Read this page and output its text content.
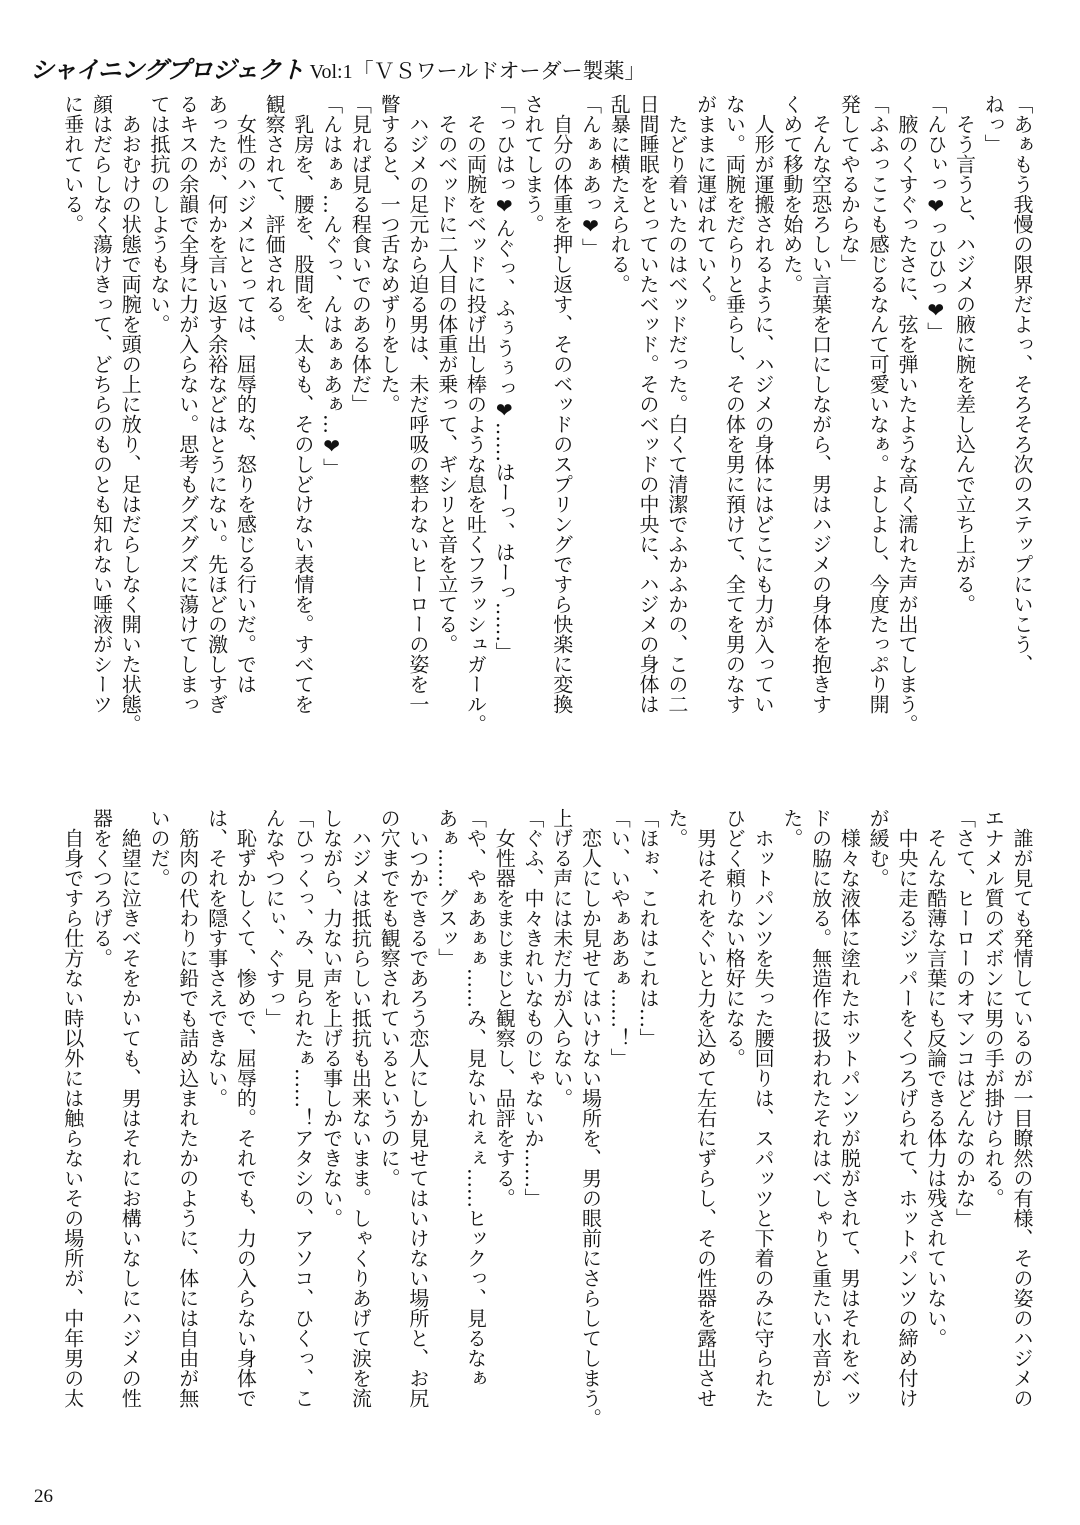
シャイニングプロジェクト Vol:1「ＶＳワールドオーダー製薬」
「あぁもう我慢の限界だよっ、そろそろ次のステップにいこう、
ねっ」
　そう言うと、ハジメの腋に腕を差し込んで立ち上がる。
「んひぃっ❤っひひっ❤」
　腋のくすぐったさに、弦を弾いたような高く濡れた声が出てしまう。
「ふふっここも感じるなんて可愛いなぁ。よしよし、今度たっぷり開
発してやるからな」
　そんな空恐ろしい言葉を口にしながら、男はハジメの身体を抱きす
くめて移動を始めた。
　人形が運搬されるように、ハジメの身体にはどこにも力が入ってい
ない。両腕をだらりと垂らし、その体を男に預けて、全てを男のなす
がままに運ばれていく。
　たどり着いたのはベッドだった。白くて清潔でふかふかの、この二
日間睡眠をとっていたベッド。そのベッドの中央に、ハジメの身体は
乱暴に横たえられる。
「んぁぁあっ❤」
　自分の体重を押し返す、そのベッドのスプリングですら快楽に変換
されてしまう。
「っひはっ❤んぐっ、ふぅうぅっ❤……はーっ、はーっ……」
　その両腕をベッドに投げ出し棒のような息を吐くフラッシュガール。
　そのベッドに二人目の体重が乗って、ギシリと音を立てる。
　ハジメの足元から迫る男は、未だ呼吸の整わないヒーローの姿を一
瞥すると、一つ舌なめずりをした。
「見れば見る程食いでのある体だ」
「んはぁぁ…んぐっ、んはぁぁあぁ…❤」
　乳房を、腰を、股間を、太もも、そのしどけない表情を。すべてを
観察されて、評価される。
　女性のハジメにとっては、屈辱的な、怒りを感じる行いだ。では
あったが、何かを言い返す余裕などはとうにない。先ほどの激しすぎ
るキスの余韻で全身に力が入らない。思考もグズグズに蕩けてしまっ
ては抵抗のしようもない。
　あおむけの状態で両腕を頭の上に放り、足はだらしなく開いた状態。
顔はだらしなく蕩けきって、どちらのものとも知れない唾液がシーツ
に垂れている。
　誰が見ても発情しているのが一目瞭然の有様、その姿のハジメの
エナメル質のズボンに男の手が掛けられる。
「さて、ヒーローのオマンコはどんなのかな」
　そんな酷薄な言葉にも反論できる体力は残されていない。
　中央に走るジッパーをくつろげられて、ホットパンツの締め付け
が緩む。
　様々な液体に塗れたホットパンツが脱がされて、男はそれをベッ
ドの脇に放る。無造作に扱われたそれはべしゃりと重たい水音がし
た。
　ホットパンツを失った腰回りは、スパッツと下着のみに守られた
ひどく頼りない格好になる。
　男はそれをぐいと力を込めて左右にずらし、その性器を露出させ
た。
「ほぉ、これはこれは…」
「い、いやぁああぁ……！」
　恋人にしか見せてはいけない場所を、男の眼前にさらしてしまう。
上げる声には未だ力が入らない。
「ぐふ、中々きれいなものじゃないか……」
　女性器をまじまじと観察し、品評をする。
「や、やぁあぁぁ……み、見ないれぇぇ……ヒックっ、見るなぁ
あぁ……グスッ」
　いつかできるであろう恋人にしか見せてはいけない場所と、お尻
の穴までをも観察されているというのに。
　ハジメは抵抗らしい抵抗も出来ないまま。しゃくりあげて涙を流
しながら、力ない声を上げる事しかできない。
「ひっくっ、み、見られたぁ……！アタシの、アソコ、ひくっ、こ
んなやつにぃ、ぐすっ」
　恥ずかしくて、惨めで、屈辱的。それでも、力の入らない身体で
は、それを隠す事さえできない。
　筋肉の代わりに鉛でも詰め込まれたかのように、体には自由が無
いのだ。
　絶望に泣きべそをかいても、男はそれにお構いなしにハジメの性
器をくつろげる。
　自身ですら仕方ない時以外には触らないその場所が、中年男の太
26
